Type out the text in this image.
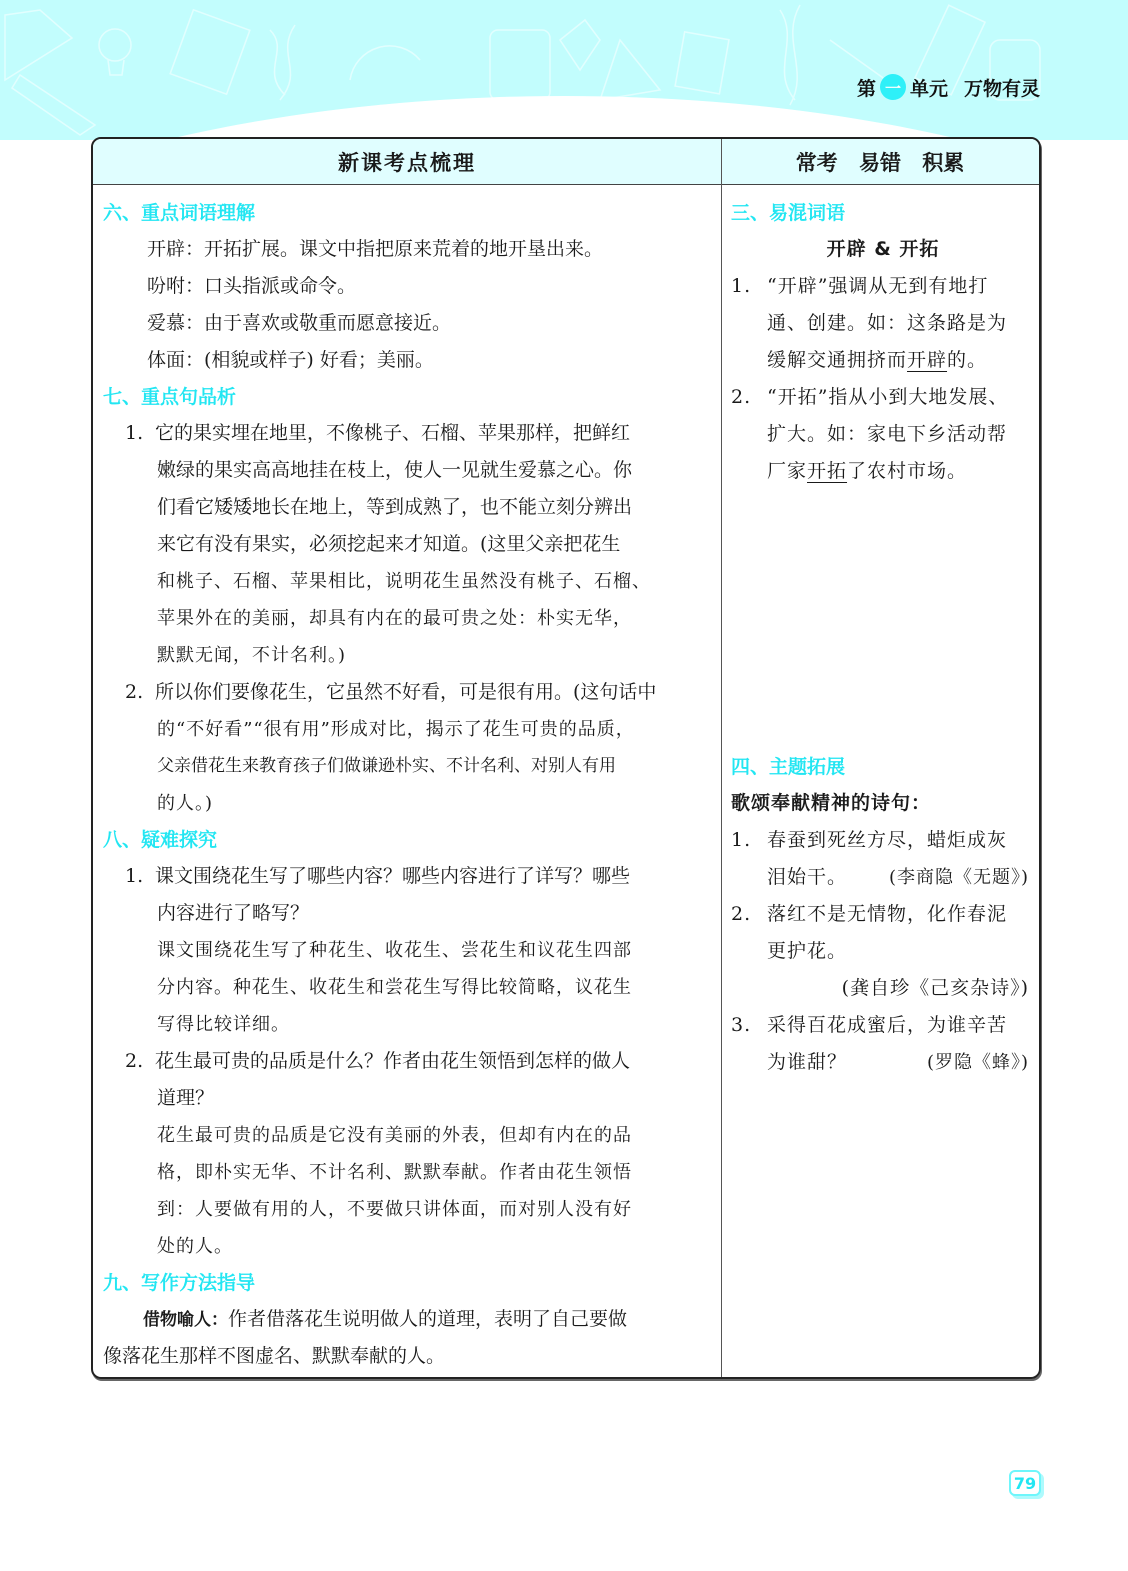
第 一 单元 万物有灵
新课考点梳理	常考 易错 积累
六、重点词语理解
开辟：开拓扩展。课文中指把原来荒着的地开垦出来。
吩咐：口头指派或命令。
爱慕：由于喜欢或敬重而愿意接近。
体面：(相貌或样子) 好看；美丽。
七、重点句品析
1. 它的果实埋在地里，不像桃子、石榴、苹果那样，把鲜红
嫩绿的果实高高地挂在枝上，使人一见就生爱慕之心。你
们看它矮矮地长在地上，等到成熟了，也不能立刻分辨出
来它有没有果实，必须挖起来才知道。(这里父亲把花生
和桃子、石榴、苹果相比，说明花生虽然没有桃子、石榴、
苹果外在的美丽，却具有内在的最可贵之处：朴实无华，
默默无闻，不计名利。)
2. 所以你们要像花生，它虽然不好看，可是很有用。(这句话中
的“不好看”“很有用”形成对比，揭示了花生可贵的品质，
父亲借花生来教育孩子们做谦逊朴实、不计名利、对别人有用
的人。)
八、疑难探究
1. 课文围绕花生写了哪些内容？哪些内容进行了详写？哪些
内容进行了略写？
课文围绕花生写了种花生、收花生、尝花生和议花生四部
分内容。种花生、收花生和尝花生写得比较简略，议花生
写得比较详细。
2. 花生最可贵的品质是什么？作者由花生领悟到怎样的做人
道理？
花生最可贵的品质是它没有美丽的外表，但却有内在的品
格，即朴实无华、不计名利、默默奉献。作者由花生领悟
到：人要做有用的人，不要做只讲体面，而对别人没有好
处的人。
九、写作方法指导
借物喻人：作者借落花生说明做人的道理，表明了自己要做
像落花生那样不图虚名、默默奉献的人。
三、易混词语
开辟 & 开拓
1. “开辟”强调从无到有地打
通、创建。如：这条路是为
缓解交通拥挤而开辟的。
2. “开拓”指从小到大地发展、
扩大。如：家电下乡活动帮
厂家开拓了农村市场。
四、主题拓展
歌颂奉献精神的诗句：
1. 春蚕到死丝方尽，蜡炬成灰
泪始干。 (李商隐《无题》)
2. 落红不是无情物，化作春泥
更护花。
(龚自珍《己亥杂诗》)
3. 采得百花成蜜后，为谁辛苦
为谁甜？	(罗隐《蜂》)
79
